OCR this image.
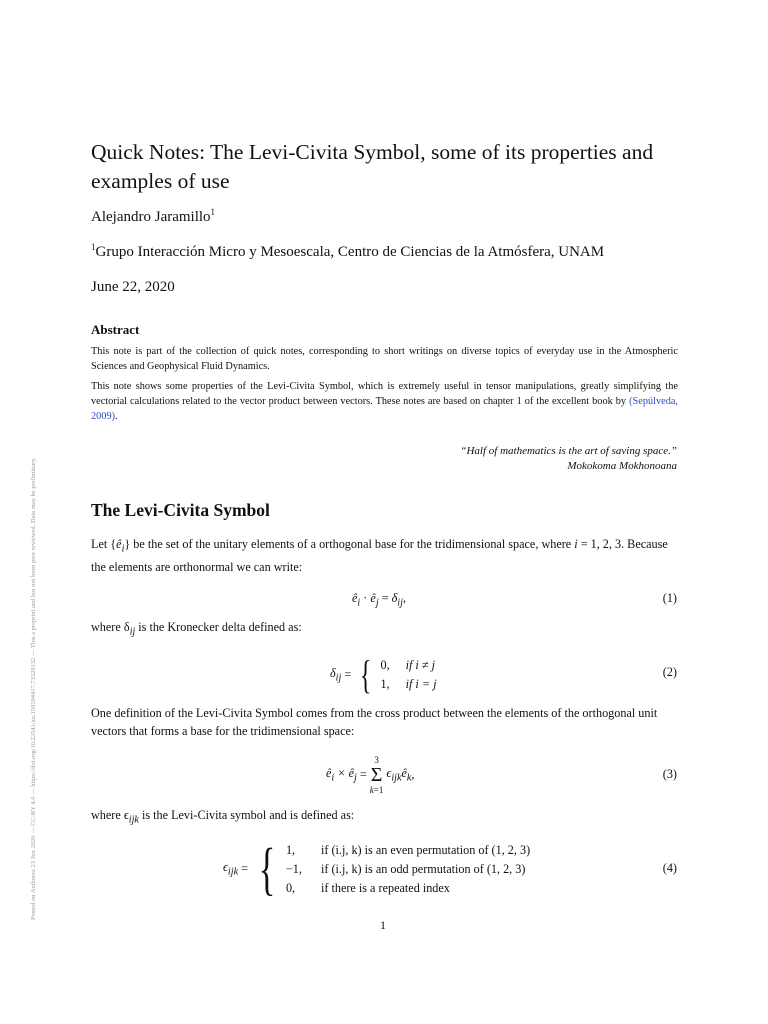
Posted on Authorea 23 Jun 2020 — CC-BY 4.0 — https://doi.org/10.22541/au.159294417.73329132 — This a preprint and has not been peer reviewed. Data may be preliminary.
Quick Notes: The Levi-Civita Symbol, some of its properties and examples of use
Alejandro Jaramillo$^1$
$^1$Grupo Interacción Micro y Mesoescala, Centro de Ciencias de la Atmósfera, UNAM
June 22, 2020
Abstract

This note is part of the collection of quick notes, corresponding to short writings on diverse topics of everyday use in the Atmospheric Sciences and Geophysical Fluid Dynamics.

This note shows some properties of the Levi-Civita Symbol, which is extremely useful in tensor manipulations, greatly simplifying the vectorial calculations related to the vector product between vectors. These notes are based on chapter 1 of the excellent book by (Sepúlveda, 2009).

“Half of mathematics is the art of saving space.”
Mokokoma Mokhonoana
The Levi-Civita Symbol

Let $\{ê_i\}$ be the set of the unitary elements of a orthogonal base for the tridimensional space, where i = 1, 2, 3. Because the elements are orthonormal we can write:

$ê_i$ · $ê_j = \delta_{ij}$,	(1)

where $\delta_{ij}$ is the Kronecker delta defined as:

$\delta_{ij}$ = { 0, if i ≠ j
1, if i = j
(2)

One definition of the Levi-Civita Symbol comes from the cross product between the elements of the orthogonal unit vectors that forms a base for the tridimensional space:

$ê_i$ × $ê_j = 3$
Σ
k=1 $\epsilon_{ijk}ê_k$,	(3)

where $\epsilon_{ijk}$ is the Levi-Civita symbol and is defined as:

$\epsilon_{ijk}$ = { 1, if (i.j, k) is an even permutation of (1, 2, 3)
−1, if (i.j, k) is an odd permutation of (1, 2, 3)
0, if there is a repeated index
(4)
1
